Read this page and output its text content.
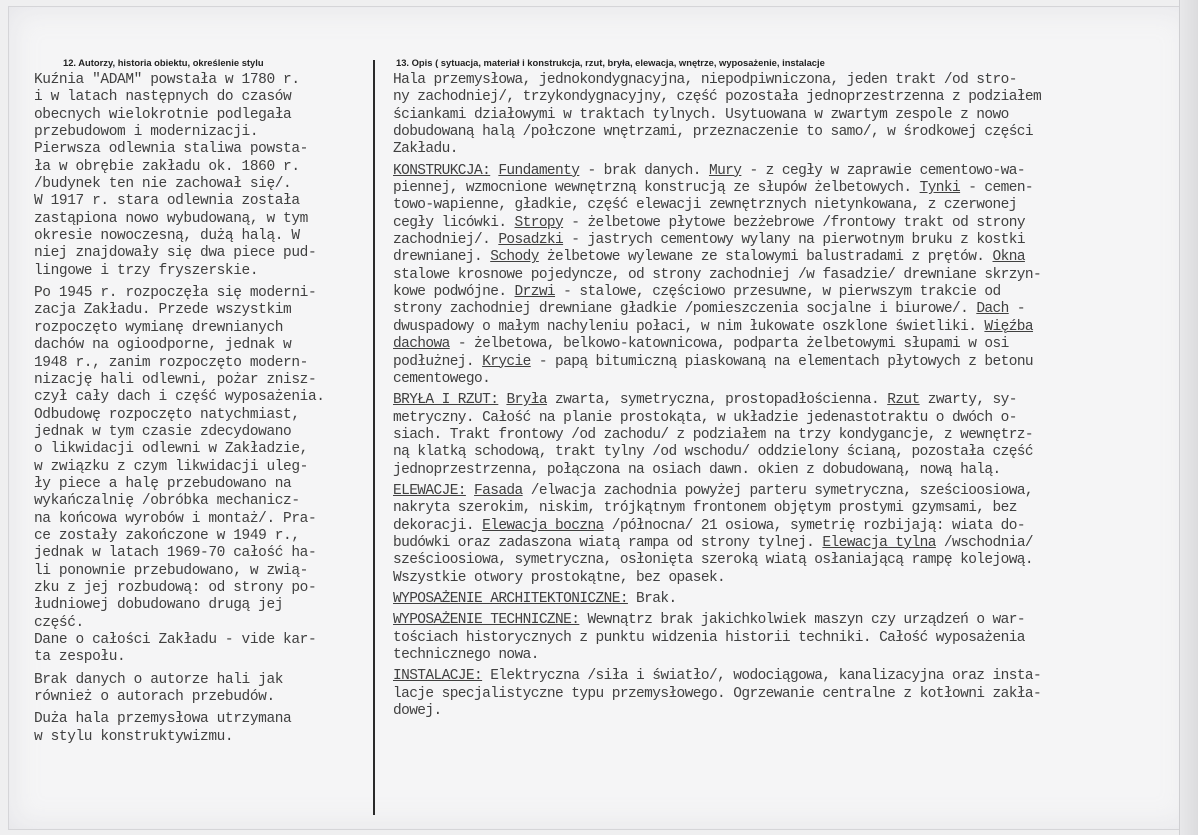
12. Autorzy, historia obiektu, określenie stylu	13. Opis ( sytuacja, materiał i konstrukcja, rzut, bryła, elewacja, wnętrze, wyposażenie, instalacje
Kuźnia "ADAM" powstała w 1780 r.
i w latach następnych do czasów
obecnych wielokrotnie podlegała
przebudowom i modernizacji.
Pierwsza odlewnia staliwa powsta-
ła w obrębie zakładu ok. 1860 r.
/budynek ten nie zachował się/.
W 1917 r. stara odlewnia została
zastąpiona nowo wybudowaną, w tym
okresie nowoczesną, dużą halą. W
niej znajdowały się dwa piece pud-
lingowe i trzy fryszerskie.
Po 1945 r. rozpoczęła się moderni-
zacja Zakładu. Przede wszystkim
rozpoczęto wymianę drewnianych
dachów na ogioodporne, jednak w
1948 r., zanim rozpoczęto modern-
nizację hali odlewni, pożar znisz-
czył cały dach i część wyposażenia.
Odbudowę rozpoczęto natychmiast,
jednak w tym czasie zdecydowano
o likwidacji odlewni w Zakładzie,
w związku z czym likwidacji uleg-
ły piece a halę przebudowano na
wykańczalnię /obróbka mechanicz-
na końcowa wyrobów i montaż/. Pra-
ce zostały zakończone w 1949 r.,
jednak w latach 1969-70 całość ha-
li ponownie przebudowano, w zwią-
zku z jej rozbudową: od strony po-
łudniowej dobudowano drugą jej
część.
Dane o całości Zakładu - vide kar-
ta zespołu.
Brak danych o autorze hali jak
również o autorach przebudów.
Duża hala przemysłowa utrzymana
w stylu konstruktywizmu.
Hala przemysłowa, jednokondygnacyjna, niepodpiwniczona, jeden trakt /od stro-
ny zachodniej/, trzykondygnacyjny, część pozostała jednoprzestrzenna z podziałem
ściankami działowymi w traktach tylnych. Usytuowana w zwartym zespole z nowo
dobudowaną halą /połczone wnętrzami, przeznaczenie to samo/, w środkowej części
Zakładu.
KONSTRUKCJA: Fundamenty - brak danych. Mury - z cegły w zaprawie cementowo-wa-
piennej, wzmocnione wewnętrzną konstrucją ze słupów żelbetowych. Tynki - cemen-
towo-wapienne, gładkie, część elewacji zewnętrznych nietynkowana, z czerwonej
cegły licówki. Stropy - żelbetowe płytowe bezżebrowe /frontowy trakt od strony
zachodniej/. Posadzki - jastrych cementowy wylany na pierwotnym bruku z kostki
drewnianej. Schody żelbetowe wylewane ze stalowymi balustradami z prętów. Okna
stalowe krosnowe pojedyncze, od strony zachodniej /w fasadzie/ drewniane skrzyn-
kowe podwójne. Drzwi - stalowe, częściowo przesuwne, w pierwszym trakcie od
strony zachodniej drewniane gładkie /pomieszczenia socjalne i biurowe/. Dach -
dwuspadowy o małym nachyleniu połaci, w nim łukowate oszklone świetliki. Więźba
dachowa - żelbetowa, belkowo-katownicowa, podparta żelbetowymi słupami w osi
podłużnej. Krycie - papą bitumiczną piaskowaną na elementach płytowych z betonu
cementowego.
BRYŁA I RZUT: Bryła zwarta, symetryczna, prostopadłościenna. Rzut zwarty, sy-
metryczny. Całość na planie prostokąta, w układzie jedenastotraktu o dwóch o-
siach. Trakt frontowy /od zachodu/ z podziałem na trzy kondygancje, z wewnętrz-
ną klatką schodową, trakt tylny /od wschodu/ oddzielony ścianą, pozostała część
jednoprzestrzenna, połączona na osiach dawn. okien z dobudowaną, nową halą.
ELEWACJE: Fasada /elwacja zachodnia powyżej parteru symetryczna, sześcioosiowa,
nakryta szerokim, niskim, trójkątnym frontonem objętym prostymi gzymsami, bez
dekoracji. Elewacja boczna /północna/ 21 osiowa, symetrię rozbijają: wiata do-
budówki oraz zadaszona wiatą rampa od strony tylnej. Elewacja tylna /wschodnia/
sześcioosiowa, symetryczna, osłonięta szeroką wiatą osłaniającą rampę kolejową.
Wszystkie otwory prostokątne, bez opasek.
WYPOSAŻENIE ARCHITEKTONICZNE: Brak.
WYPOSAŻENIE TECHNICZNE: Wewnątrz brak jakichkolwiek maszyn czy urządzeń o war-
tościach historycznych z punktu widzenia historii techniki. Całość wyposażenia
technicznego nowa.
INSTALACJE: Elektryczna /siła i światło/, wodociągowa, kanalizacyjna oraz insta-
lacje specjalistyczne typu przemysłowego. Ogrzewanie centralne z kotłowni zakła-
dowej.
